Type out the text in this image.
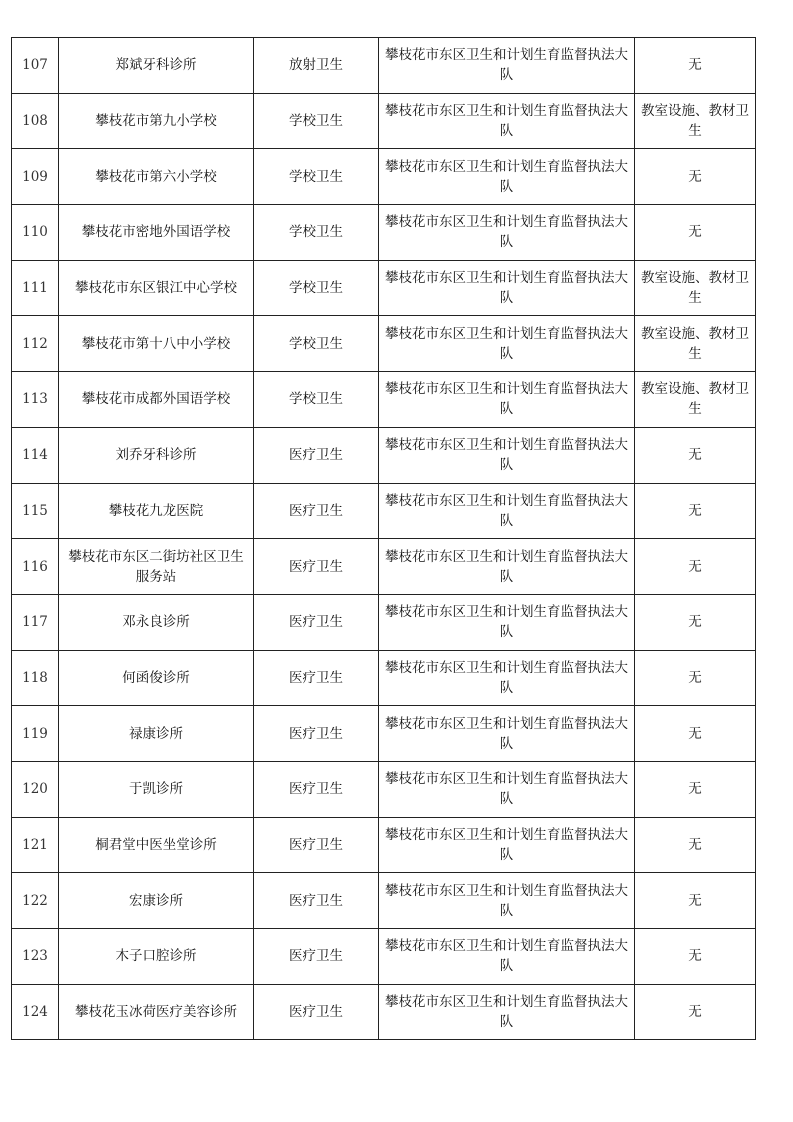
107	郑斌牙科诊所	放射卫生	攀枝花市东区卫生和计划生育监督执法大队	无
108	攀枝花市第九小学校	学校卫生	攀枝花市东区卫生和计划生育监督执法大队	教室设施、教材卫生
109	攀枝花市第六小学校	学校卫生	攀枝花市东区卫生和计划生育监督执法大队	无
110	攀枝花市密地外国语学校	学校卫生	攀枝花市东区卫生和计划生育监督执法大队	无
111	攀枝花市东区银江中心学校	学校卫生	攀枝花市东区卫生和计划生育监督执法大队	教室设施、教材卫生
112	攀枝花市第十八中小学校	学校卫生	攀枝花市东区卫生和计划生育监督执法大队	教室设施、教材卫生
113	攀枝花市成都外国语学校	学校卫生	攀枝花市东区卫生和计划生育监督执法大队	教室设施、教材卫生
114	刘乔牙科诊所	医疗卫生	攀枝花市东区卫生和计划生育监督执法大队	无
115	攀枝花九龙医院	医疗卫生	攀枝花市东区卫生和计划生育监督执法大队	无
116	攀枝花市东区二街坊社区卫生服务站	医疗卫生	攀枝花市东区卫生和计划生育监督执法大队	无
117	邓永良诊所	医疗卫生	攀枝花市东区卫生和计划生育监督执法大队	无
118	何函俊诊所	医疗卫生	攀枝花市东区卫生和计划生育监督执法大队	无
119	禄康诊所	医疗卫生	攀枝花市东区卫生和计划生育监督执法大队	无
120	于凯诊所	医疗卫生	攀枝花市东区卫生和计划生育监督执法大队	无
121	桐君堂中医坐堂诊所	医疗卫生	攀枝花市东区卫生和计划生育监督执法大队	无
122	宏康诊所	医疗卫生	攀枝花市东区卫生和计划生育监督执法大队	无
123	木子口腔诊所	医疗卫生	攀枝花市东区卫生和计划生育监督执法大队	无
124	攀枝花玉冰荷医疗美容诊所	医疗卫生	攀枝花市东区卫生和计划生育监督执法大队	无
